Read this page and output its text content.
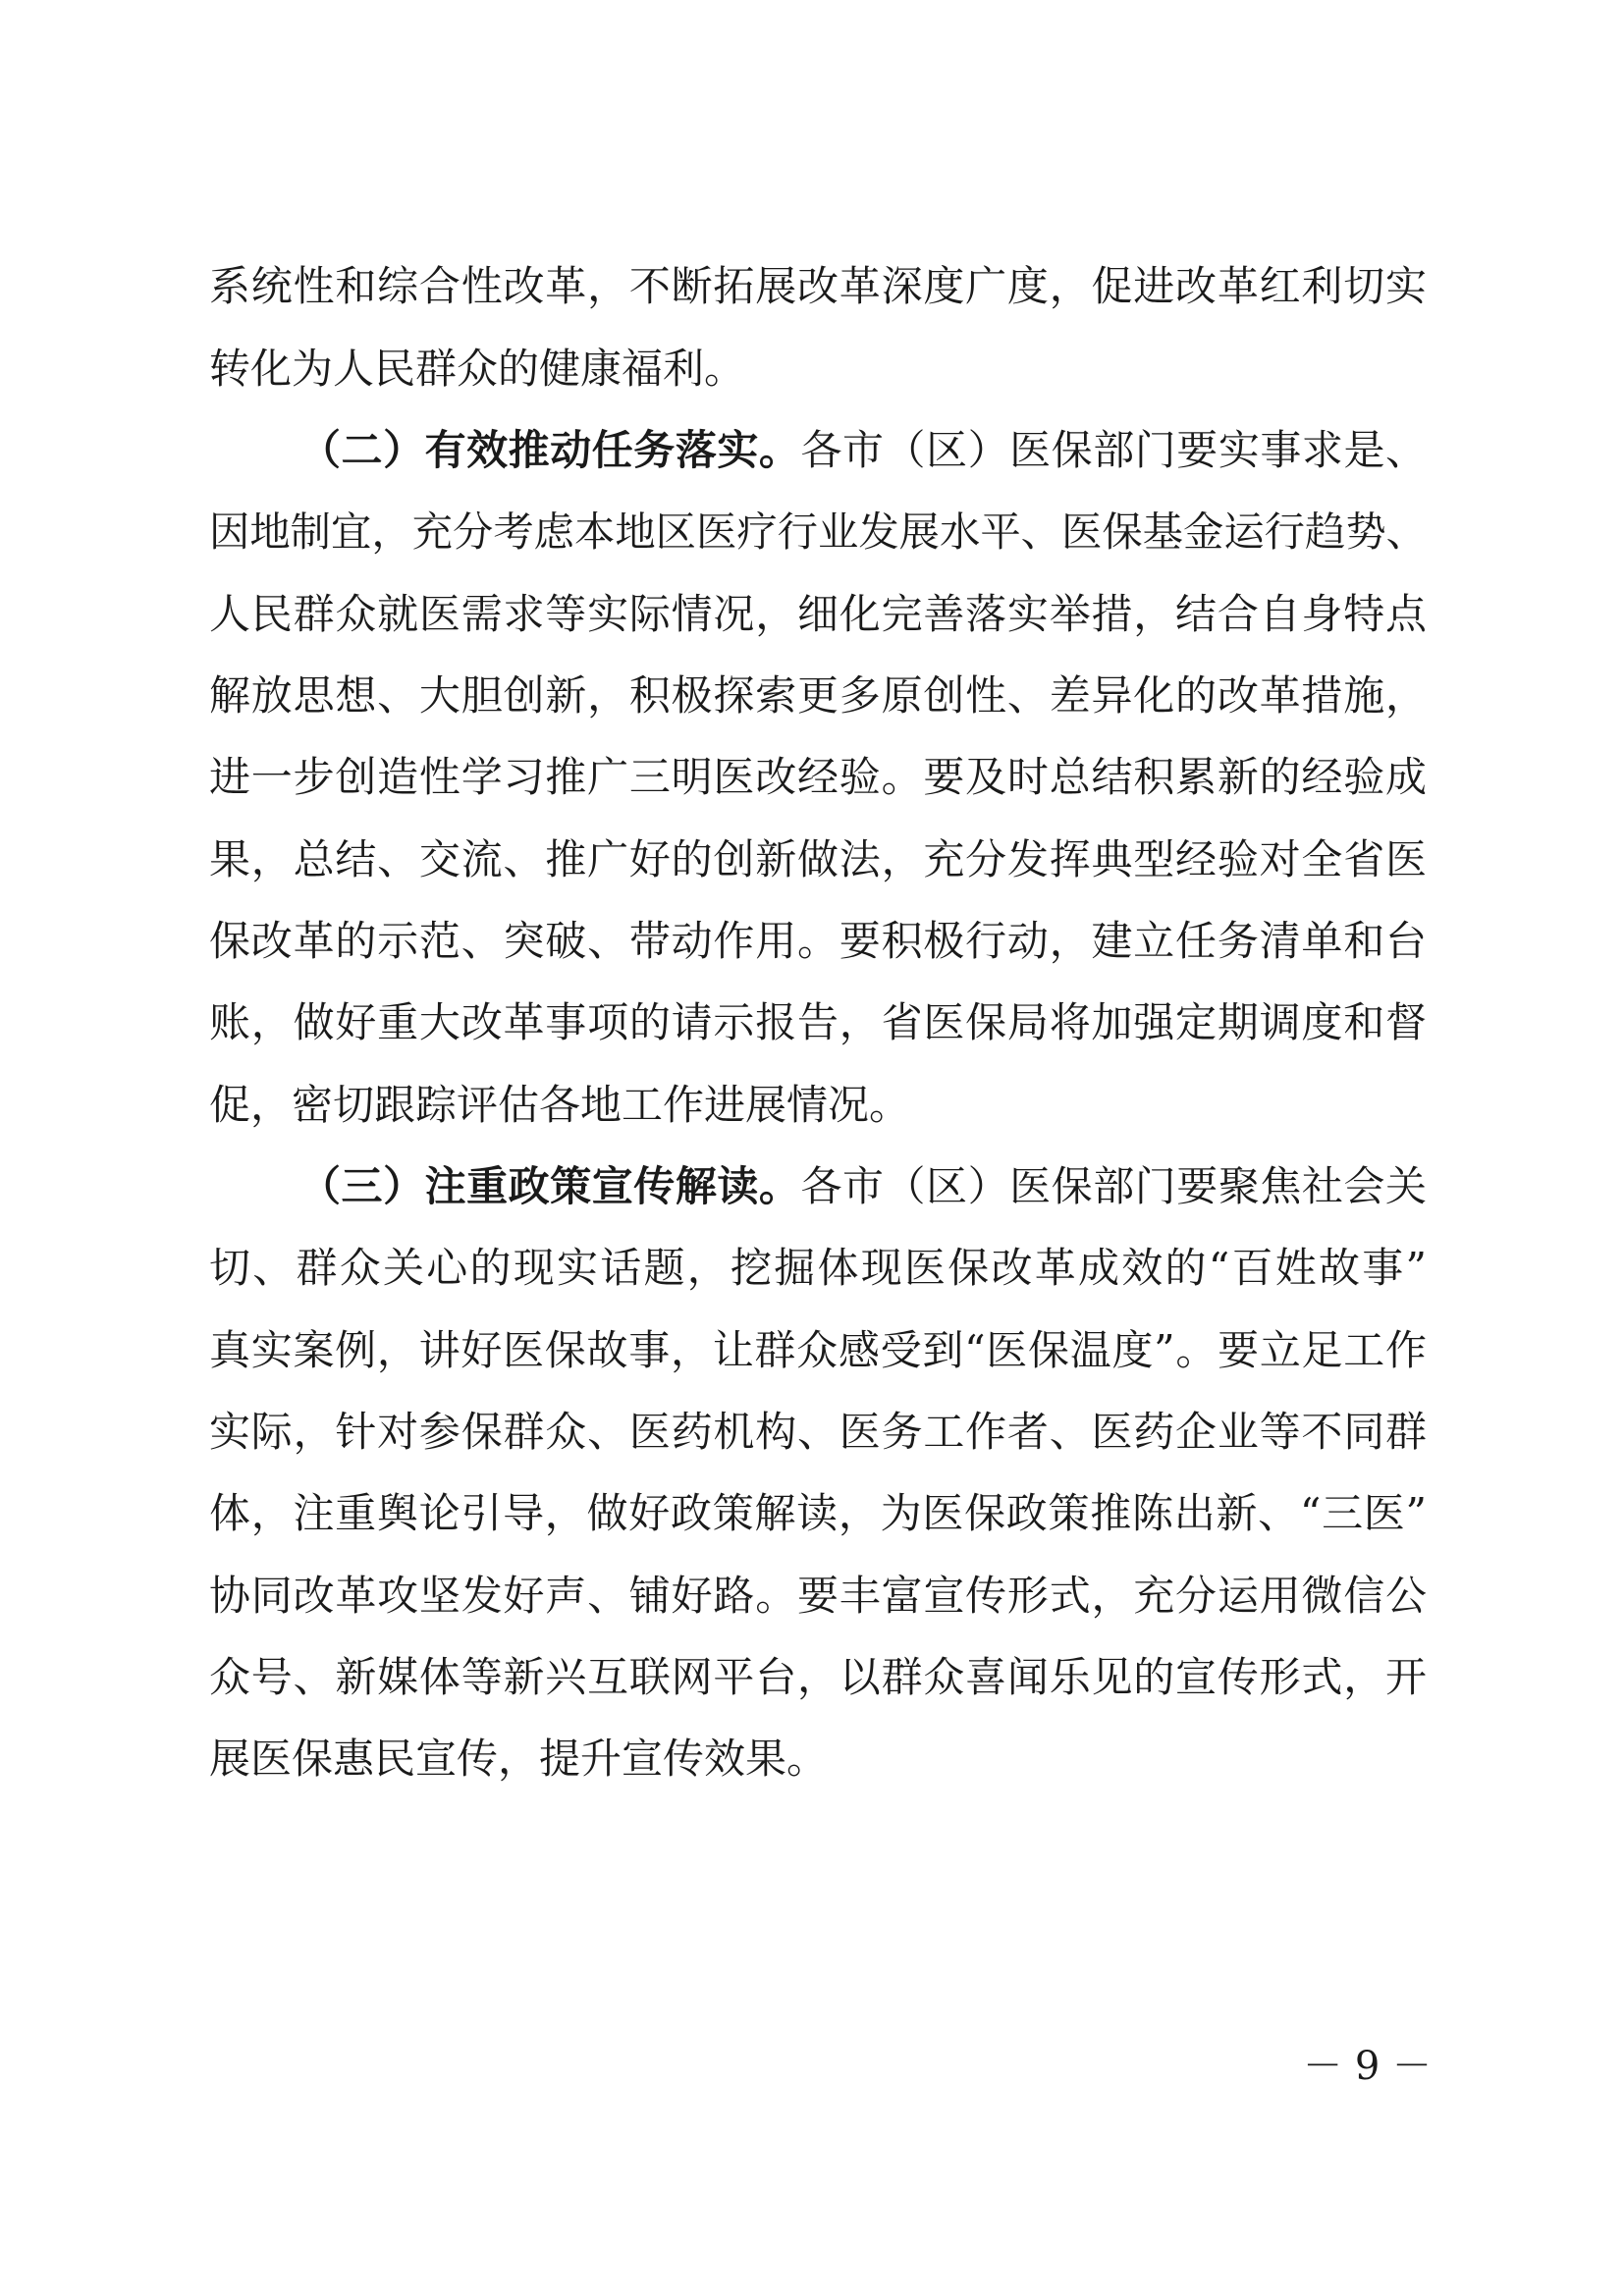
系统性和综合性改革，不断拓展改革深度广度，促进改革红利切实
转化为人民群众的健康福利。
（二）有效推动任务落实。各市（区）医保部门要实事求是、
因地制宜，充分考虑本地区医疗行业发展水平、医保基金运行趋势、
人民群众就医需求等实际情况，细化完善落实举措，结合自身特点
解放思想、大胆创新，积极探索更多原创性、差异化的改革措施，
进一步创造性学习推广三明医改经验。要及时总结积累新的经验成
果，总结、交流、推广好的创新做法，充分发挥典型经验对全省医
保改革的示范、突破、带动作用。要积极行动，建立任务清单和台
账，做好重大改革事项的请示报告，省医保局将加强定期调度和督
促，密切跟踪评估各地工作进展情况。
（三）注重政策宣传解读。各市（区）医保部门要聚焦社会关
切、群众关心的现实话题，挖掘体现医保改革成效的“百姓故事”
真实案例，讲好医保故事，让群众感受到“医保温度”。要立足工作
实际，针对参保群众、医药机构、医务工作者、医药企业等不同群
体，注重舆论引导，做好政策解读，为医保政策推陈出新、“三医”
协同改革攻坚发好声、铺好路。要丰富宣传形式，充分运用微信公
众号、新媒体等新兴互联网平台，以群众喜闻乐见的宣传形式，开
展医保惠民宣传，提升宣传效果。
－ 9 －
